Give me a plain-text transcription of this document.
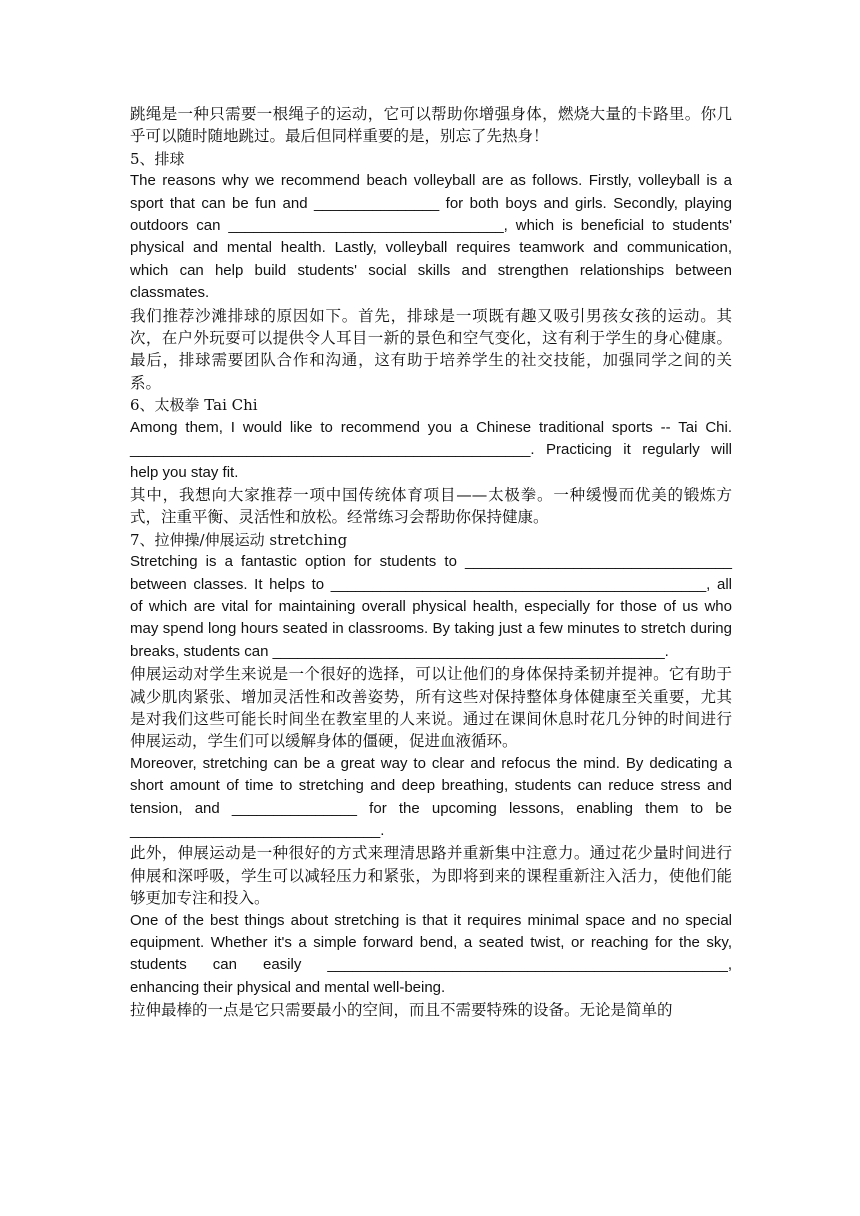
跳绳是一种只需要一根绳子的运动，它可以帮助你增强身体，燃烧大量的卡路里。你几乎可以随时随地跳过。最后但同样重要的是，别忘了先热身！

5、排球

The reasons why we recommend beach volleyball are as follows. Firstly, volleyball is a sport that can be fun and _______________ for both boys and girls. Secondly, playing outdoors can _________________________________, which is beneficial to students' physical and mental health. Lastly, volleyball requires teamwork and communication, which can help build students' social skills and strengthen relationships between classmates.

我们推荐沙滩排球的原因如下。首先，排球是一项既有趣又吸引男孩女孩的运动。其次，在户外玩耍可以提供令人耳目一新的景色和空气变化，这有利于学生的身心健康。最后，排球需要团队合作和沟通，这有助于培养学生的社交技能，加强同学之间的关系。

6、太极拳 Tai Chi

Among them, I would like to recommend you a Chinese traditional sports -- Tai Chi. ________________________________________________. Practicing it regularly will help you stay fit.

其中，我想向大家推荐一项中国传统体育项目——太极拳。一种缓慢而优美的锻炼方式，注重平衡、灵活性和放松。经常练习会帮助你保持健康。

7、拉伸操/伸展运动 stretching

Stretching is a fantastic option for students to ________________________________ between classes. It helps to _____________________________________________, all of which are vital for maintaining overall physical health, especially for those of us who may spend long hours seated in classrooms. By taking just a few minutes to stretch during breaks, students can _______________________________________________.

伸展运动对学生来说是一个很好的选择，可以让他们的身体保持柔韧并提神。它有助于减少肌肉紧张、增加灵活性和改善姿势，所有这些对保持整体身体健康至关重要，尤其是对我们这些可能长时间坐在教室里的人来说。通过在课间休息时花几分钟的时间进行伸展运动，学生们可以缓解身体的僵硬，促进血液循环。

Moreover, stretching can be a great way to clear and refocus the mind. By dedicating a short amount of time to stretching and deep breathing, students can reduce stress and tension, and _______________ for the upcoming lessons, enabling them to be ______________________________.

此外，伸展运动是一种很好的方式来理清思路并重新集中注意力。通过花少量时间进行伸展和深呼吸，学生可以减轻压力和紧张，为即将到来的课程重新注入活力，使他们能够更加专注和投入。

One of the best things about stretching is that it requires minimal space and no special equipment. Whether it's a simple forward bend, a seated twist, or reaching for the sky, students can easily ________________________________________________, enhancing their physical and mental well-being.

拉伸最棒的一点是它只需要最小的空间，而且不需要特殊的设备。无论是简单的
